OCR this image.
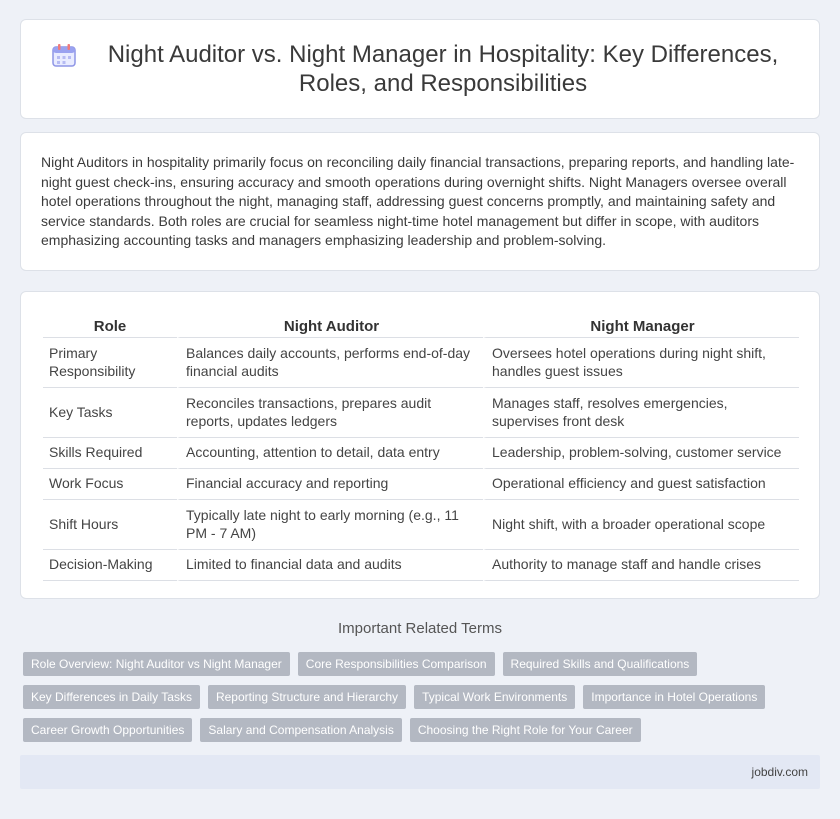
Night Auditor vs. Night Manager in Hospitality: Key Differences, Roles, and Responsibilities

Night Auditors in hospitality primarily focus on reconciling daily financial transactions, preparing reports, and handling late-night guest check-ins, ensuring accuracy and smooth operations during overnight shifts. Night Managers oversee overall hotel operations throughout the night, managing staff, addressing guest concerns promptly, and maintaining safety and service standards. Both roles are crucial for seamless night-time hotel management but differ in scope, with auditors emphasizing accounting tasks and managers emphasizing leadership and problem-solving.

Role	Night Auditor	Night Manager
Primary Responsibility	Balances daily accounts, performs end-of-day financial audits	Oversees hotel operations during night shift, handles guest issues
Key Tasks	Reconciles transactions, prepares audit reports, updates ledgers	Manages staff, resolves emergencies, supervises front desk
Skills Required	Accounting, attention to detail, data entry	Leadership, problem-solving, customer service
Work Focus	Financial accuracy and reporting	Operational efficiency and guest satisfaction
Shift Hours	Typically late night to early morning (e.g., 11 PM - 7 AM)	Night shift, with a broader operational scope
Decision-Making	Limited to financial data and audits	Authority to manage staff and handle crises
Important Related Terms
Role Overview: Night Auditor vs Night Manager	Core Responsibilities Comparison	Required Skills and Qualifications
Key Differences in Daily Tasks	Reporting Structure and Hierarchy	Typical Work Environments	Importance in Hotel Operations
Career Growth Opportunities	Salary and Compensation Analysis	Choosing the Right Role for Your Career
jobdiv.com
